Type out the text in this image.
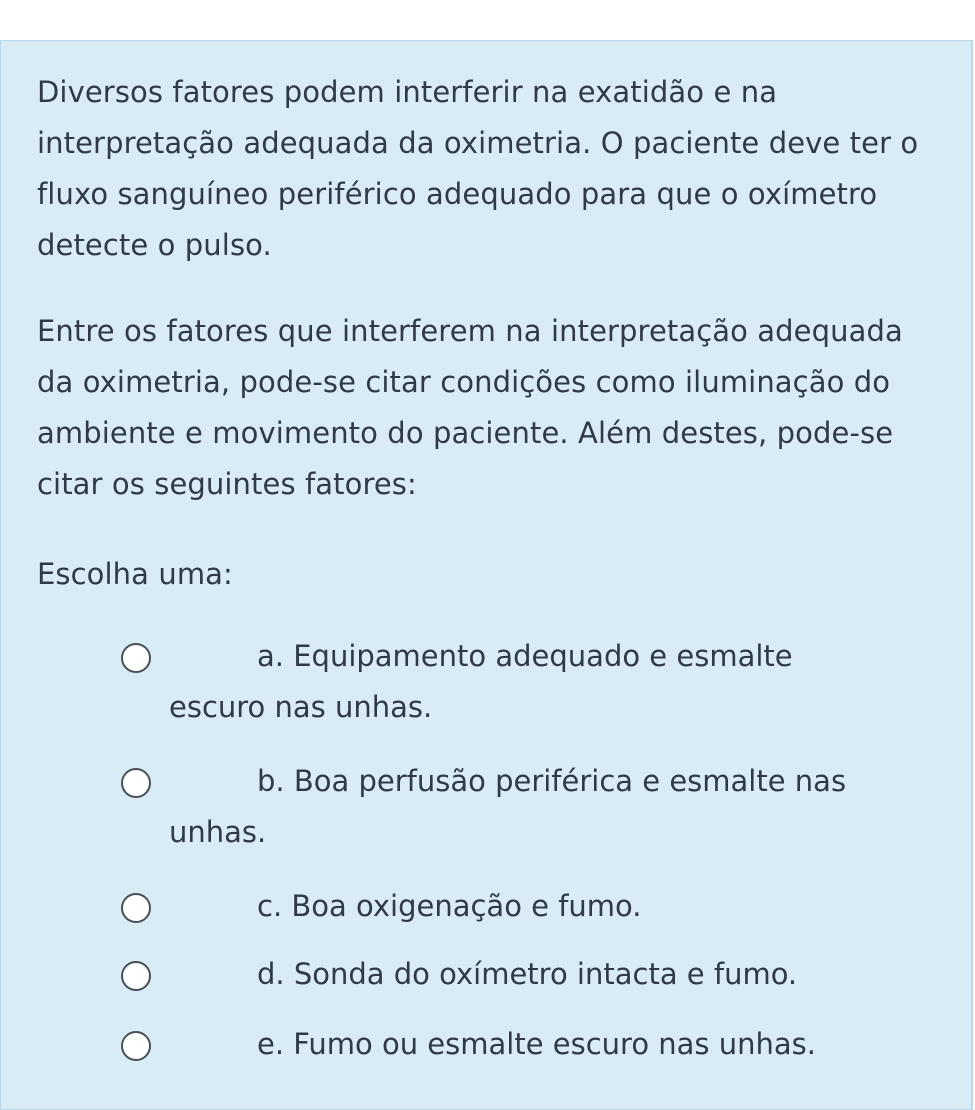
Diversos fatores podem interferir na exatidão e na interpretação adequada da oximetria. O paciente deve ter o fluxo sanguíneo periférico adequado para que o oxímetro detecte o pulso.

Entre os fatores que interferem na interpretação adequada da oximetria, pode-se citar condições como iluminação do ambiente e movimento do paciente. Além destes, pode-se citar os seguintes fatores:

Escolha uma:

a. Equipamento adequado e esmalte escuro nas unhas.
b. Boa perfusão periférica e esmalte nas unhas.
c. Boa oxigenação e fumo.
d. Sonda do oxímetro intacta e fumo.
e. Fumo ou esmalte escuro nas unhas.
